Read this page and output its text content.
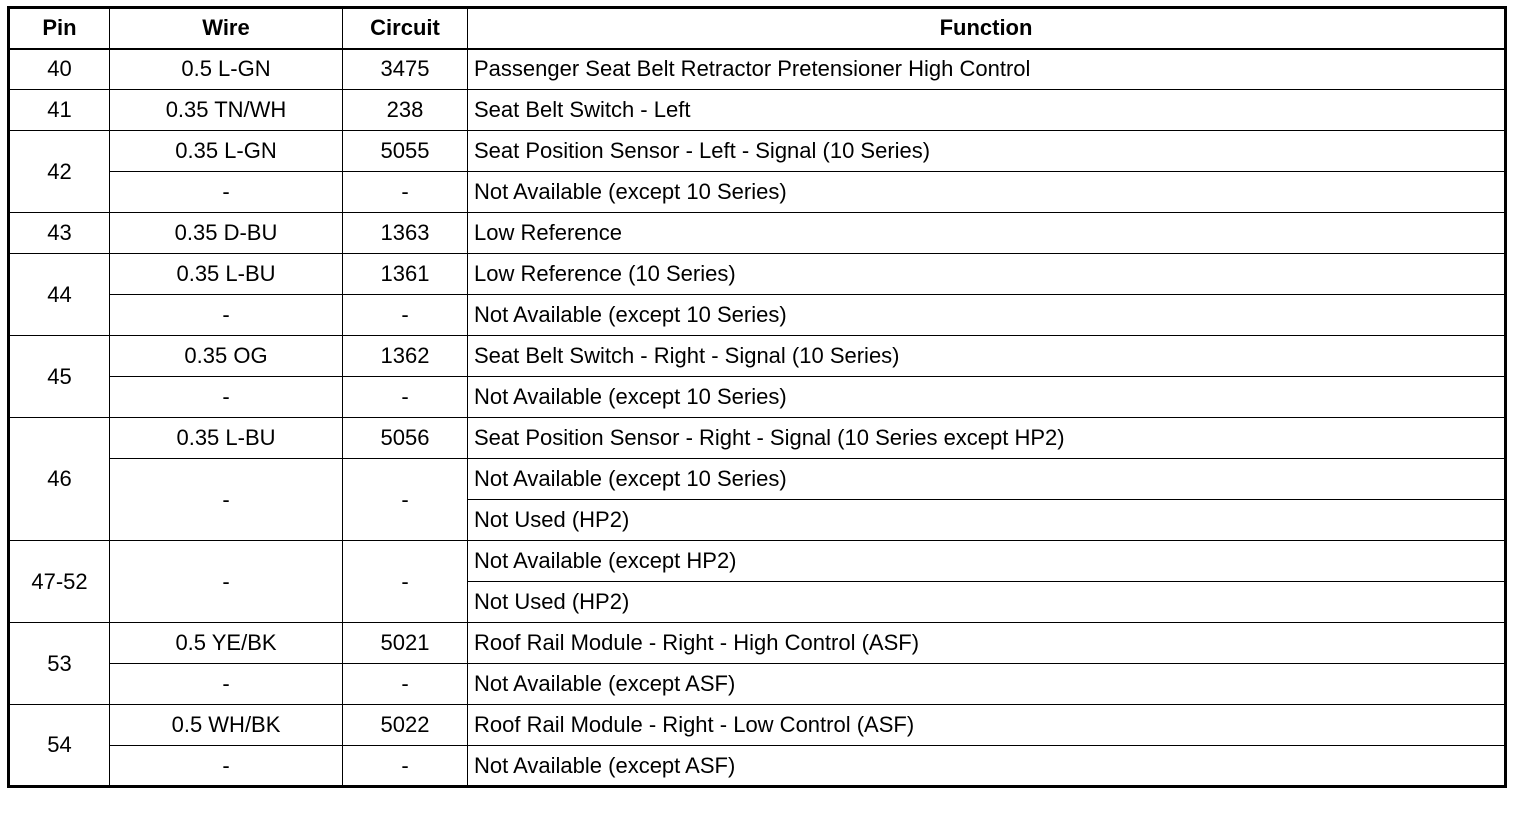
Pin	Wire	Circuit	Function
40	0.5 L-GN	3475	Passenger Seat Belt Retractor Pretensioner High Control
41	0.35 TN/WH	238	Seat Belt Switch - Left
42	0.35 L-GN	5055	Seat Position Sensor - Left - Signal (10 Series)
	-	-	Not Available (except 10 Series)
43	0.35 D-BU	1363	Low Reference
44	0.35 L-BU	1361	Low Reference (10 Series)
	-	-	Not Available (except 10 Series)
45	0.35 OG	1362	Seat Belt Switch - Right - Signal (10 Series)
	-	-	Not Available (except 10 Series)
46	0.35 L-BU	5056	Seat Position Sensor - Right - Signal (10 Series except HP2)
	-	-	Not Available (except 10 Series)
			Not Used (HP2)
47-52	-	-	Not Available (except HP2)
			Not Used (HP2)
53	0.5 YE/BK	5021	Roof Rail Module - Right - High Control (ASF)
	-	-	Not Available (except ASF)
54	0.5 WH/BK	5022	Roof Rail Module - Right - Low Control (ASF)
	-	-	Not Available (except ASF)
